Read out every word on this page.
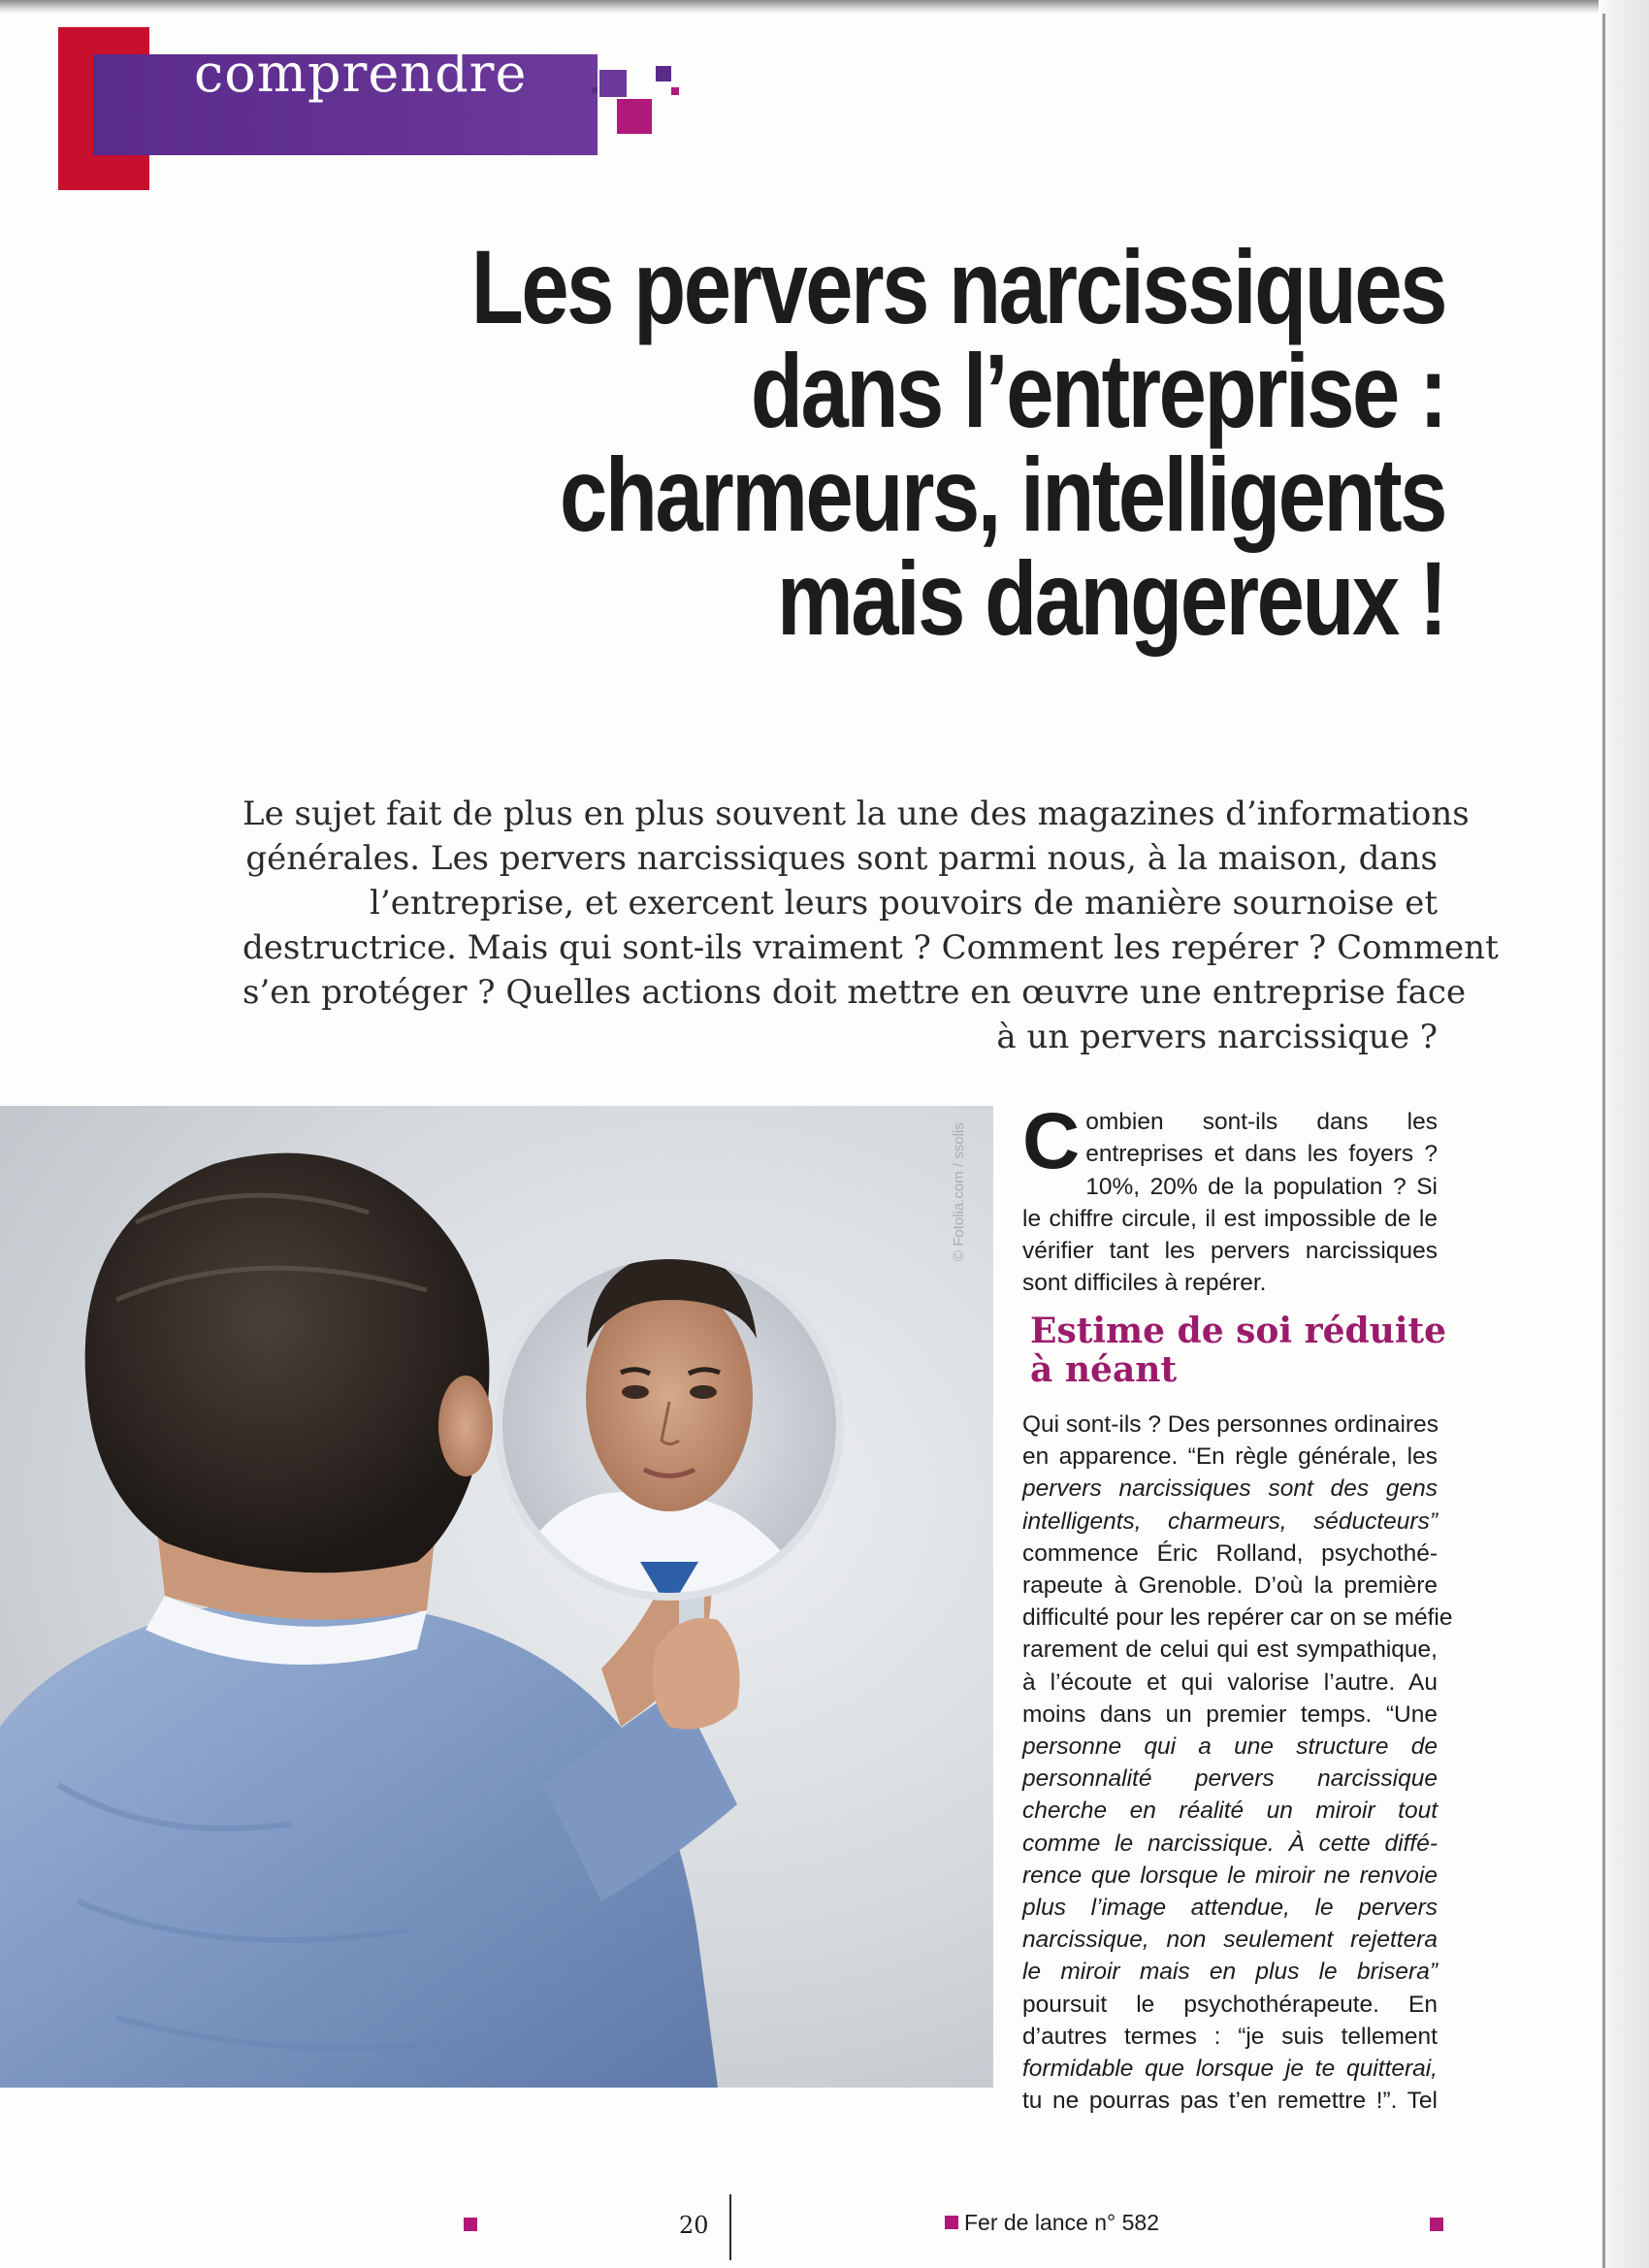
comprendre
Les pervers narcissiques
dans l’entreprise :
charmeurs, intelligents
mais dangereux !
Le sujet fait de plus en plus souvent la une des magazines d’informations
générales. Les pervers narcissiques sont parmi nous, à la maison, dans
l’entreprise, et exercent leurs pouvoirs de manière sournoise et
destructrice. Mais qui sont-ils vraiment ? Comment les repérer ? Comment
s’en protéger ? Quelles actions doit mettre en œuvre une entreprise face
à un pervers narcissique ?
© Fotolia.com / ssolis C ombien sont-ils dans les entreprises et dans les foyers ? 10%, 20% de la population ? Si le chiffre circule, il est impossible de le vérifier tant les pervers narcissiques sont difficiles à repérer.
Estime de soi réduite à néant
Qui sont-ils ? Des personnes ordinaires
en apparence. “En règle générale, les
pervers narcissiques sont des gens
intelligents, charmeurs, séducteurs”
commence Éric Rolland, psychothé-
rapeute à Grenoble. D’où la première
difficulté pour les repérer car on se méfie
rarement de celui qui est sympathique,
à l’écoute et qui valorise l’autre. Au
moins dans un premier temps. “Une
personne qui a une structure de
personnalité pervers narcissique
cherche en réalité un miroir tout
comme le narcissique. À cette diffé-
rence que lorsque le miroir ne renvoie
plus l’image attendue, le pervers
narcissique, non seulement rejettera
le miroir mais en plus le brisera”
poursuit le psychothérapeute. En
d’autres termes : “je suis tellement
formidable que lorsque je te quitterai,
tu ne pourras pas t’en remettre !”. Tel
20	Fer de lance n° 582
